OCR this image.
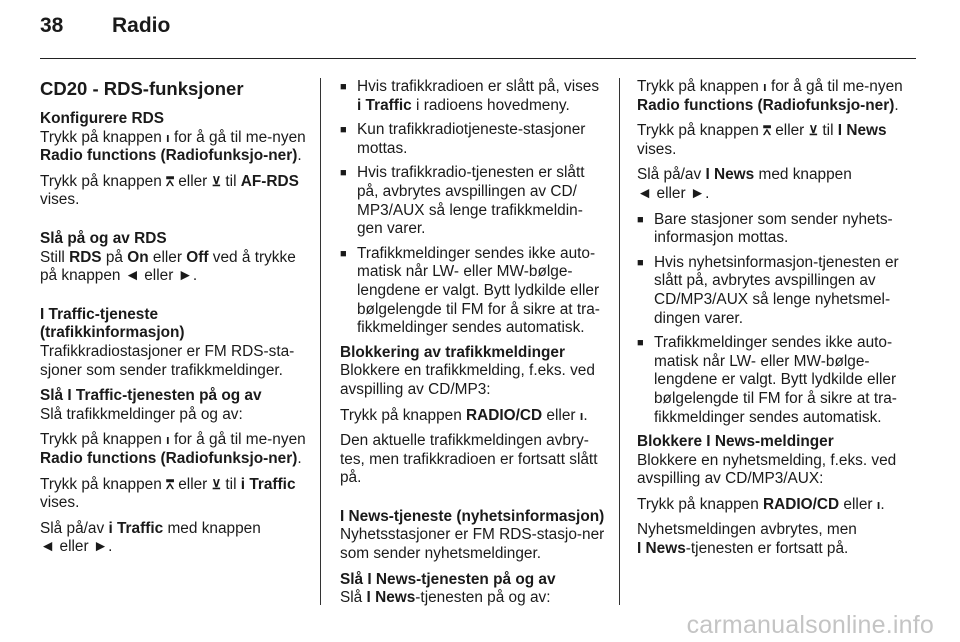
38 Radio
CD20 - RDS-funksjoner
Konfigurere RDS

Trykk på knappen ı for å gå til me-nyen Radio functions (Radiofunksjo-ner).

Trykk på knappen ⩞ eller ⊻ til AF-RDS vises.

Slå på og av RDS

Still RDS på On eller Off ved å trykke på knappen ◄ eller ►.

I Traffic-tjeneste (trafikkinformasjon)

Trafikkradiostasjoner er FM RDS-sta-sjoner som sender trafikkmeldinger.

Slå I Traffic-tjenesten på og av

Slå trafikkmeldinger på og av:

Trykk på knappen ı for å gå til me-nyen Radio functions (Radiofunksjo-ner).

Trykk på knappen ⩞ eller ⊻ til i Traffic vises.

Slå på/av i Traffic med knappen
◄ eller ►.

■ Hvis trafikkradioen er slått på, vises i Traffic i radioens hovedmeny.
■ Kun trafikkradiotjeneste-stasjoner mottas.
■ Hvis trafikkradio-tjenesten er slått på, avbrytes avspillingen av CD/ MP3/AUX så lenge trafikkmeldin-gen varer.
■ Trafikkmeldinger sendes ikke auto-matisk når LW- eller MW-bølge-lengdene er valgt. Bytt lydkilde eller bølgelengde til FM for å sikre at tra-fikkmeldinger sendes automatisk.
Blokkering av trafikkmeldinger

Blokkere en trafikkmelding, f.eks. ved avspilling av CD/MP3:

Trykk på knappen RADIO/CD eller ı.

Den aktuelle trafikkmeldingen avbry-tes, men trafikkradioen er fortsatt slått på.

I News-tjeneste (nyhetsinformasjon)

Nyhetsstasjoner er FM RDS-stasjo-ner som sender nyhetsmeldinger.

Slå I News-tjenesten på og av

Slå I News-tjenesten på og av:

Trykk på knappen ı for å gå til me-nyen Radio functions (Radiofunksjo-ner).

Trykk på knappen ⩞ eller ⊻ til I News vises.

Slå på/av I News med knappen
◄ eller ►.

■ Bare stasjoner som sender nyhets-informasjon mottas.
■ Hvis nyhetsinformasjon-tjenesten er slått på, avbrytes avspillingen av CD/MP3/AUX så lenge nyhetsmel-dingen varer.
■ Trafikkmeldinger sendes ikke auto-matisk når LW- eller MW-bølge-lengdene er valgt. Bytt lydkilde eller bølgelengde til FM for å sikre at tra-fikkmeldinger sendes automatisk.
Blokkere I News-meldinger

Blokkere en nyhetsmelding, f.eks. ved avspilling av CD/MP3/AUX:

Trykk på knappen RADIO/CD eller ı.

Nyhetsmeldingen avbrytes, men
I News-tjenesten er fortsatt på.

carmanualsonline.info
